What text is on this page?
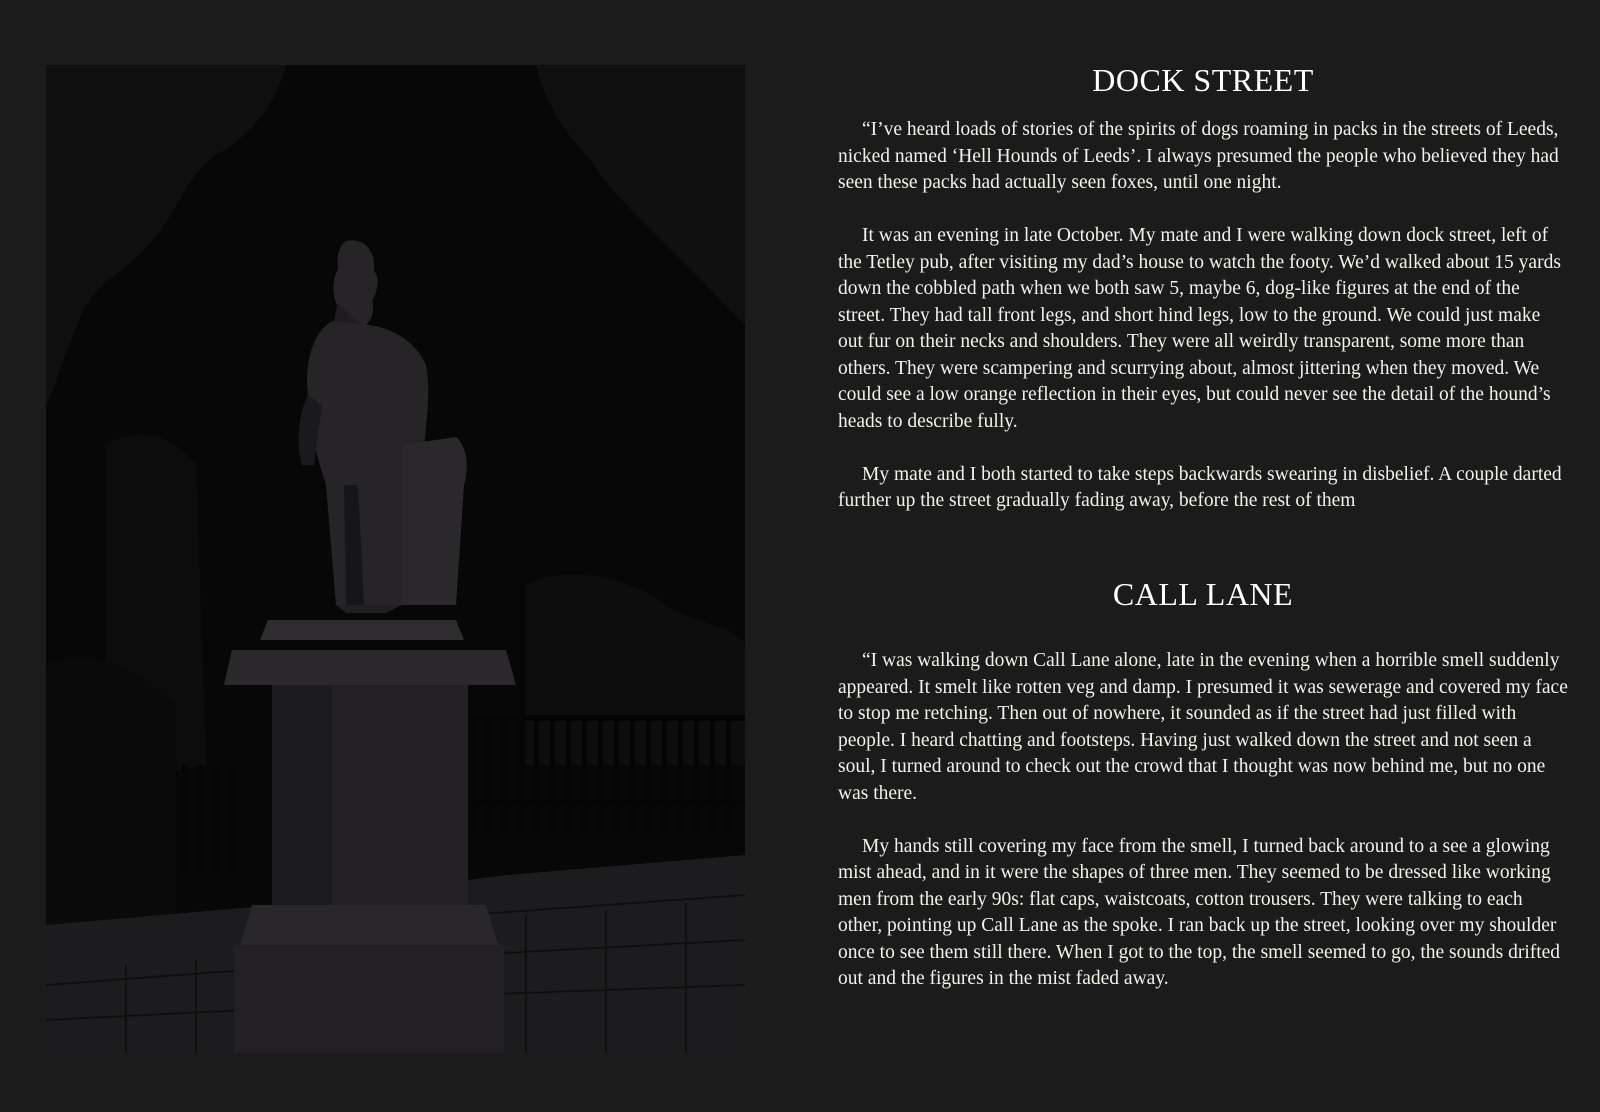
DOCK STREET

“I’ve heard loads of stories of the spirits of dogs roaming in packs in the streets of Leeds, nicked named ‘Hell Hounds of Leeds’. I always presumed the people who believed they had seen these packs had actually seen foxes, until one night.

It was an evening in late October. My mate and I were walking down dock street, left of the Tetley pub, after visiting my dad’s house to watch the footy. We’d walked about 15 yards down the cobbled path when we both saw 5, maybe 6, dog-like figures at the end of the street. They had tall front legs, and short hind legs, low to the ground. We could just make out fur on their necks and shoulders. They were all weirdly transparent, some more than others. They were scampering and scurrying about, almost jittering when they moved. We could see a low orange reflection in their eyes, but could never see the detail of the hound’s heads to describe fully.

My mate and I both started to take steps backwards swearing in disbelief. A couple darted further up the street gradually fading away, before the rest of them

CALL LANE

“I was walking down Call Lane alone, late in the evening when a horrible smell suddenly appeared. It smelt like rotten veg and damp. I presumed it was sewerage and covered my face to stop me retching. Then out of nowhere, it sounded as if the street had just filled with people. I heard chatting and footsteps. Having just walked down the street and not seen a soul, I turned around to check out the crowd that I thought was now behind me, but no one was there.

My hands still covering my face from the smell, I turned back around to a see a glowing mist ahead, and in it were the shapes of three men. They seemed to be dressed like working men from the early 90s: flat caps, waistcoats, cotton trousers. They were talking to each other, pointing up Call Lane as the spoke. I ran back up the street, looking over my shoulder once to see them still there. When I got to the top, the smell seemed to go, the sounds drifted out and the figures in the mist faded away.
